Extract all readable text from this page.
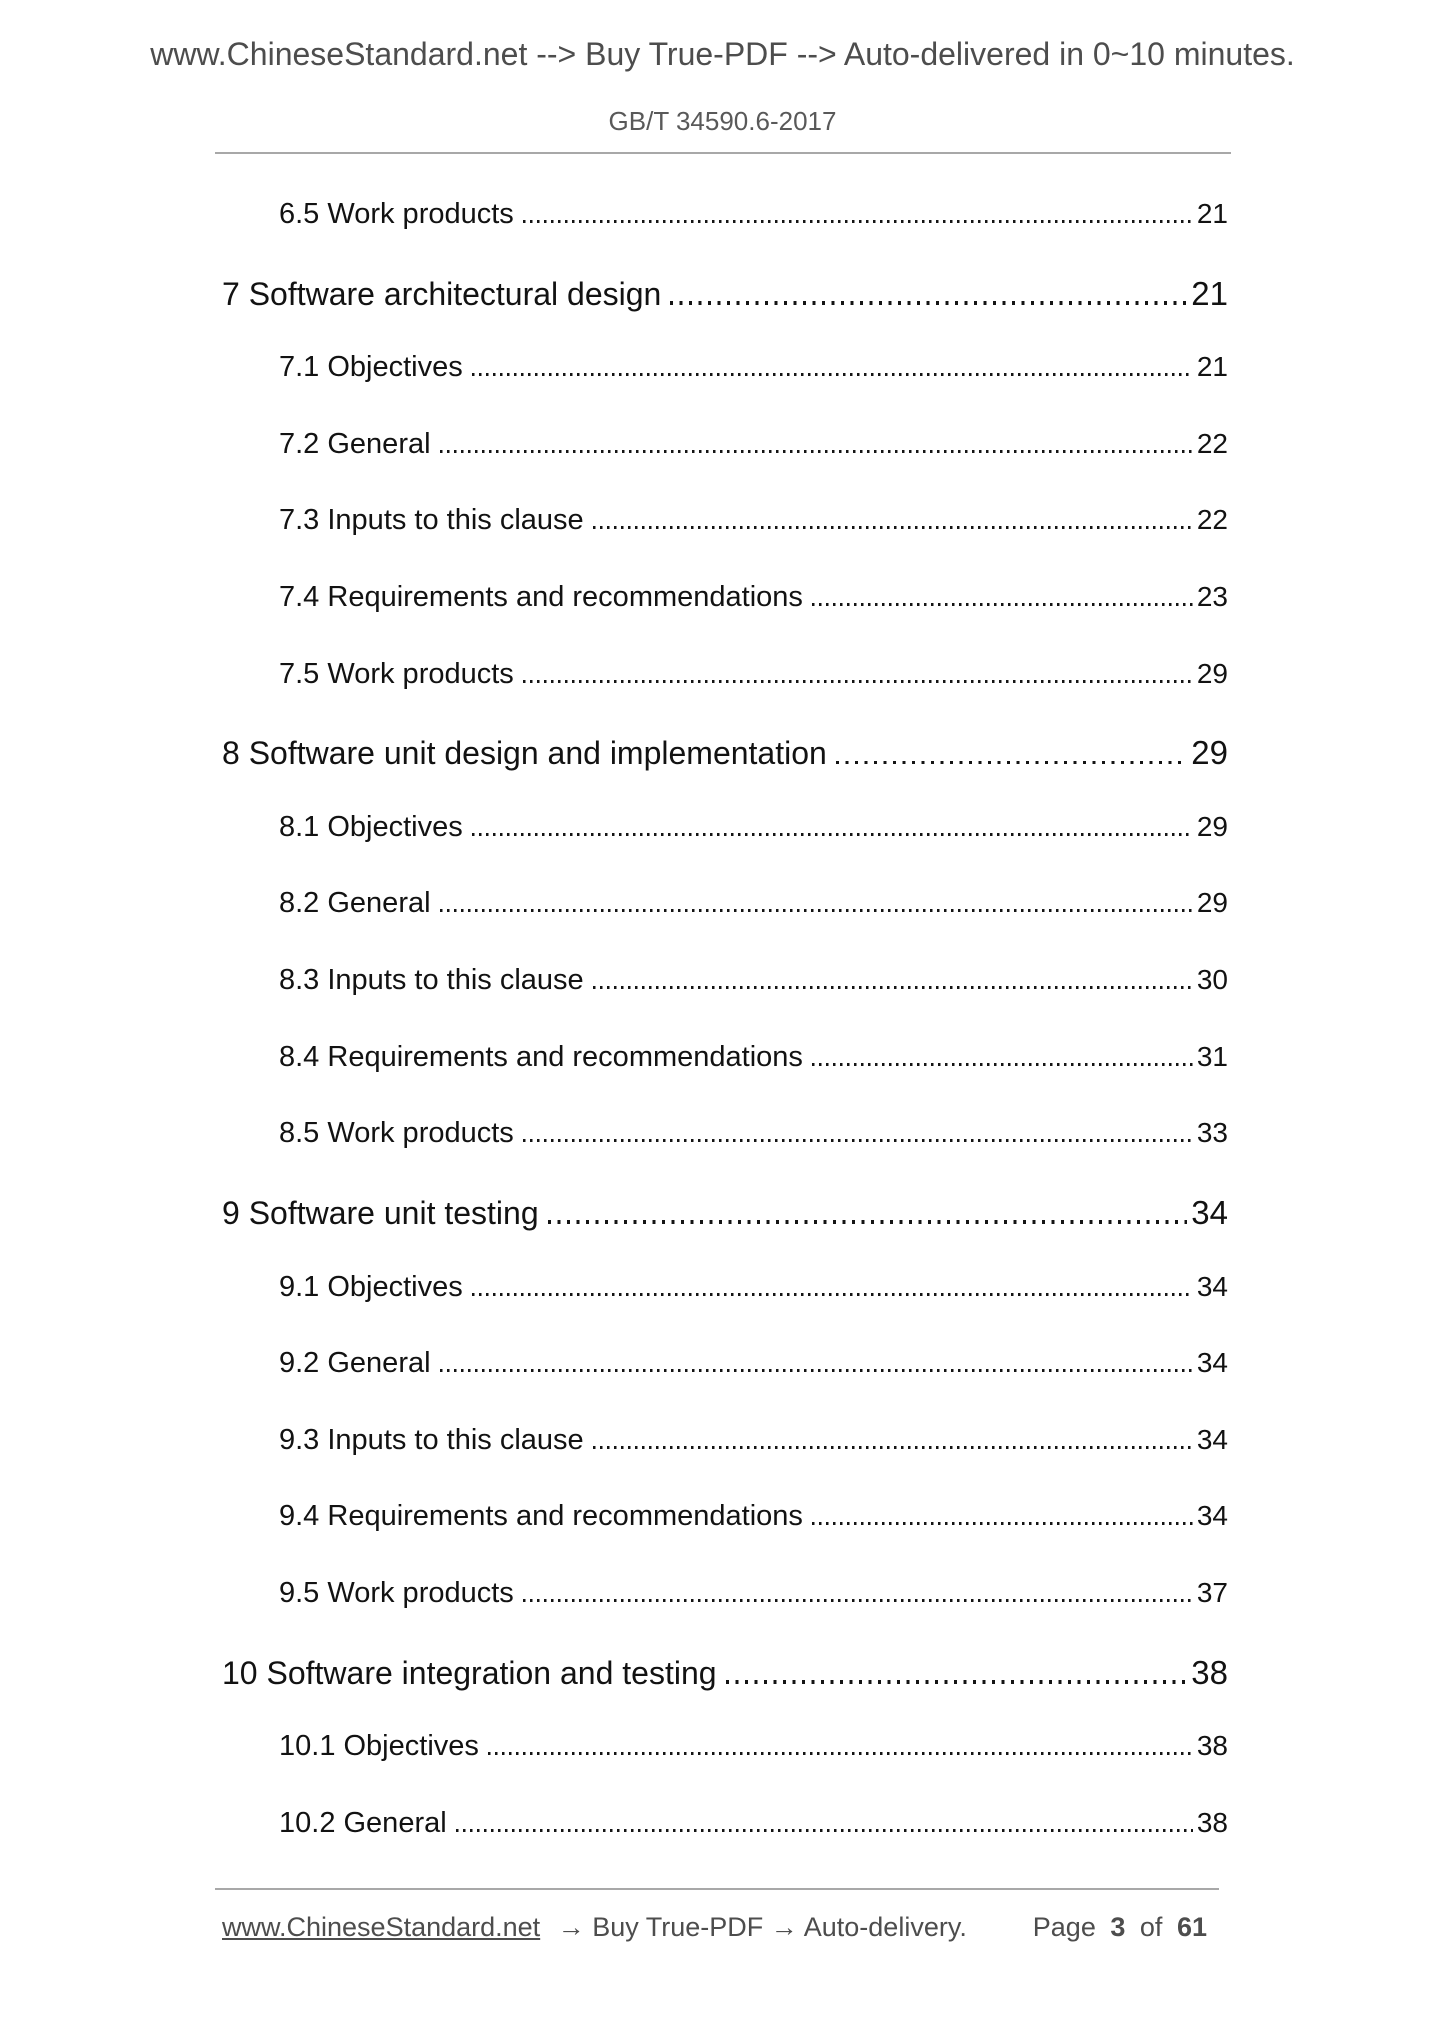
www.ChineseStandard.net --> Buy True-PDF --> Auto-delivered in 0~10 minutes.
GB/T 34590.6-2017
6.5 Work products	21
7 Software architectural design	21
7.1 Objectives	21
7.2 General	22
7.3 Inputs to this clause	22
7.4 Requirements and recommendations	23
7.5 Work products	29
8 Software unit design and implementation	29
8.1 Objectives	29
8.2 General	29
8.3 Inputs to this clause	30
8.4 Requirements and recommendations	31
8.5 Work products	33
9 Software unit testing	34
9.1 Objectives	34
9.2 General	34
9.3 Inputs to this clause	34
9.4 Requirements and recommendations	34
9.5 Work products	37
10 Software integration and testing	38
10.1 Objectives	38
10.2 General	38
www.ChineseStandard.net → Buy True-PDF → Auto-delivery. Page 3 of 61
